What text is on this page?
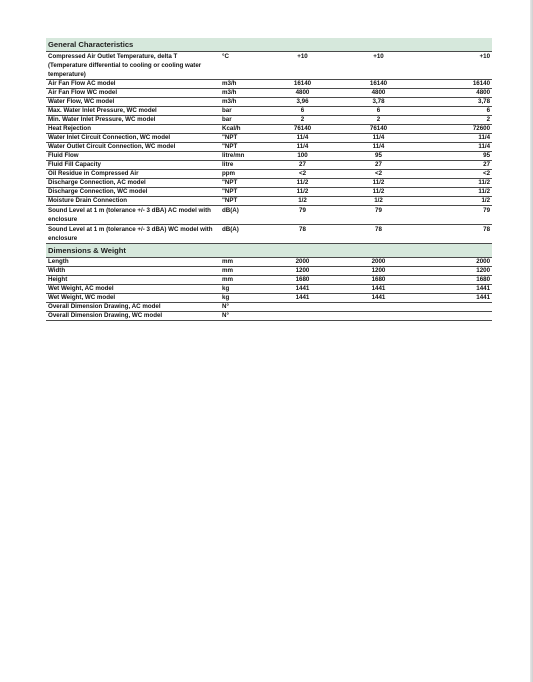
General Characteristics				
Compressed Air Outlet Temperature, delta T (Temperature differential to cooling or cooling water temperature)	°C	+10	+10	+10
Air Fan Flow AC model	m3/h	16140	16140	16140
Air Fan Flow WC model	m3/h	4800	4800	4800
Water Flow, WC model	m3/h	3,96	3,78	3,78
Max. Water Inlet Pressure, WC model	bar	6	6	6
Min. Water Inlet Pressure, WC model	bar	2	2	2
Heat Rejection	Kcal/h	76140	76140	72600
Water Inlet Circuit Connection, WC model	"NPT	11/4	11/4	11/4
Water Outlet Circuit Connection, WC model	"NPT	11/4	11/4	11/4
Fluid Flow	litre/mn	100	95	95
Fluid Fill Capacity	litre	27	27	27
Oil Residue in Compressed Air	ppm	<2	<2	<2
Discharge Connection, AC model	"NPT	11/2	11/2	11/2
Discharge Connection, WC model	"NPT	11/2	11/2	11/2
Moisture Drain Connection	"NPT	1/2	1/2	1/2
Sound Level at 1 m (tolerance +/- 3 dBA) AC model with enclosure	dB(A)	79	79	79
Sound Level at 1 m (tolerance +/- 3 dBA) WC model with enclosure	dB(A)	78	78	78
Dimensions & Weight				
Length	mm	2000	2000	2000
Width	mm	1200	1200	1200
Height	mm	1680	1680	1680
Wet Weight, AC model	kg	1441	1441	1441
Wet Weight, WC model	kg	1441	1441	1441
Overall Dimension Drawing, AC model	N°			
Overall Dimension Drawing, WC model	N°			
